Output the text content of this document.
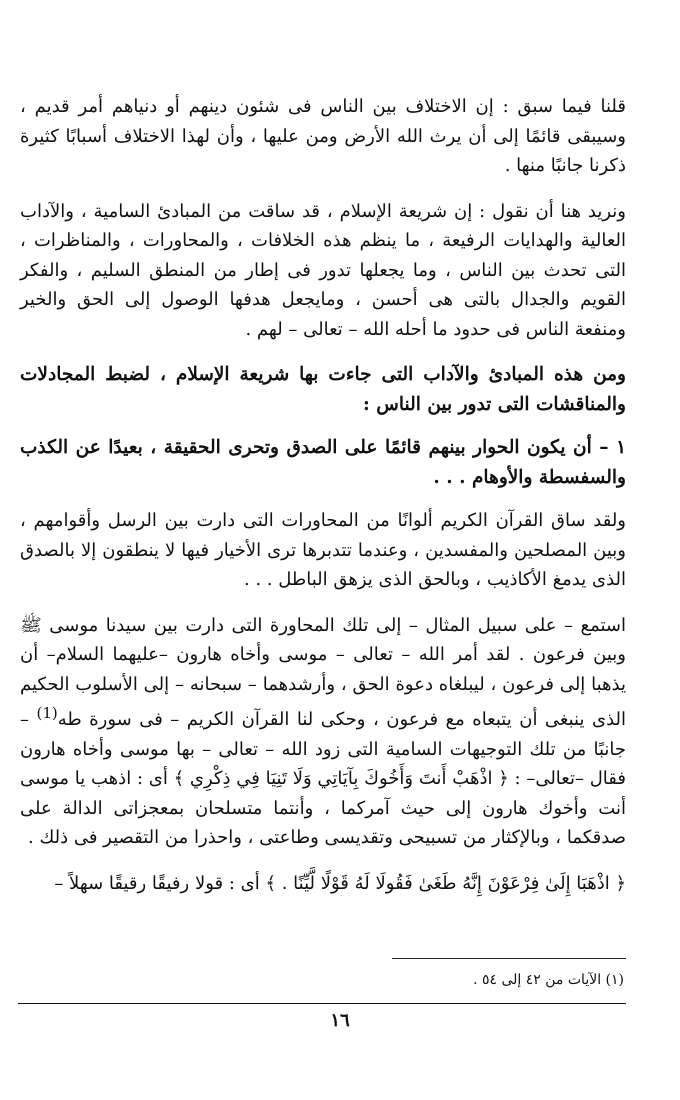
قلنا فيما سبق : إن الاختلاف بين الناس فى شئون دينهم أو دنياهم أمر قديم ، وسيبقى قائمًا إلى أن يرث الله الأرض ومن عليها ، وأن لهذا الاختلاف أسبابًا كثيرة ذكرنا جانبًا منها .

ونريد هنا أن نقول : إن شريعة الإسلام ، قد ساقت من المبادئ السامية ، والآداب العالية والهدايات الرفيعة ، ما ينظم هذه الخلافات ، والمحاورات ، والمناظرات ، التى تحدث بين الناس ، وما يجعلها تدور فى إطار من المنطق السليم ، والفكر القويم والجدال بالتى هى أحسن ، ومايجعل هدفها الوصول إلى الحق والخير ومنفعة الناس فى حدود ما أحله الله – تعالى – لهم .

ومن هذه المبادئ والآداب التى جاءت بها شريعة الإسلام ، لضبط المجادلات والمناقشات التى تدور بين الناس :

١ – أن يكون الحوار بينهم قائمًا على الصدق وتحرى الحقيقة ، بعيدًا عن الكذب والسفسطة والأوهام . . .

ولقد ساق القرآن الكريم ألوانًا من المحاورات التى دارت بين الرسل وأقوامهم ، وبين المصلحين والمفسدين ، وعندما تتدبرها ترى الأخيار فيها لا ينطقون إلا بالصدق الذى يدمغ الأكاذيب ، وبالحق الذى يزهق الباطل . . .

استمع – على سبيل المثال – إلى تلك المحاورة التى دارت بين سيدنا موسى ﷺ وبين فرعون . لقد أمر الله – تعالى – موسى وأخاه هارون –عليهما السلام– أن يذهبا إلى فرعون ، ليبلغاه دعوة الحق ، وأرشدهما – سبحانه – إلى الأسلوب الحكيم الذى ينبغى أن يتبعاه مع فرعون ، وحكى لنا القرآن الكريم – فى سورة طه$^{(1)}$ – جانبًا من تلك التوجيهات السامية التى زود الله – تعالى – بها موسى وأخاه هارون فقال –تعالى– : ﴿ اذْهَبْ أَنتَ وَأَخُوكَ بِآيَاتِي وَلَا تَنِيَا فِي ذِكْرِي ﴾ أى : اذهب يا موسى أنت وأخوك هارون إلى حيث آمركما ، وأنتما متسلحان بمعجزاتى الدالة على صدقكما ، وبالإكثار من تسبيحى وتقديسى وطاعتى ، واحذرا من التقصير فى ذلك .

﴿ اذْهَبَا إِلَىٰ فِرْعَوْنَ إِنَّهُ طَغَىٰ فَقُولَا لَهُ قَوْلًا لَّيِّنًا . ﴾ أى : قولا رفيقًا رقيقًا سهلاً –

(١) الآيات من ٤٢ إلى ٥٤ .
١٦
